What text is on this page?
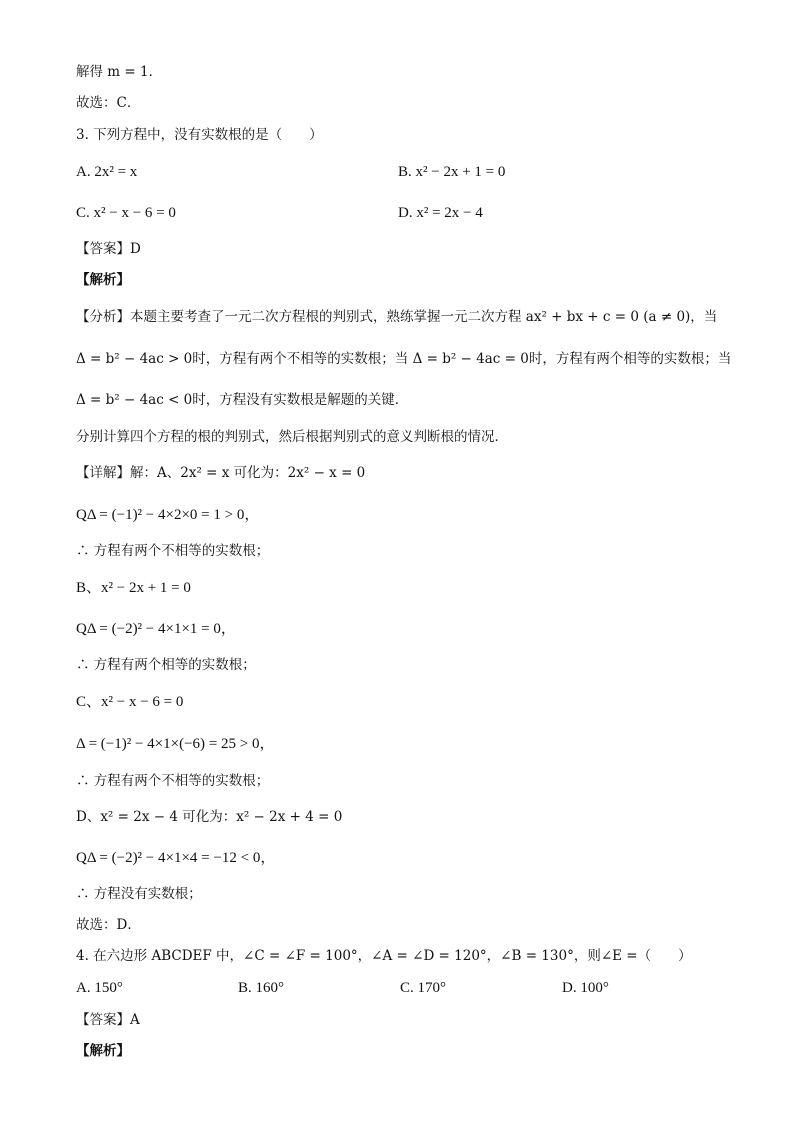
解得 m = 1．
故选：C．
3. 下列方程中，没有实数根的是（　　）
A. 2x² = x	B. x² − 2x + 1 = 0
C. x² − x − 6 = 0	D. x² = 2x − 4
【答案】D
【解析】
【分析】本题主要考查了一元二次方程根的判别式，熟练掌握一元二次方程 ax² + bx + c = 0 (a ≠ 0)，当
Δ = b² − 4ac > 0时，方程有两个不相等的实数根；当 Δ = b² − 4ac = 0时，方程有两个相等的实数根；当
Δ = b² − 4ac < 0时，方程没有实数根是解题的关键．
分别计算四个方程的根的判别式，然后根据判别式的意义判断根的情况．
【详解】解：A、2x² = x 可化为：2x² − x = 0
QΔ = (−1)² − 4×2×0 = 1 > 0，
∴ 方程有两个不相等的实数根；
B、x² − 2x + 1 = 0
QΔ = (−2)² − 4×1×1 = 0，
∴ 方程有两个相等的实数根；
C、x² − x − 6 = 0
Δ = (−1)² − 4×1×(−6) = 25 > 0，
∴ 方程有两个不相等的实数根；
D、x² = 2x − 4 可化为：x² − 2x + 4 = 0
QΔ = (−2)² − 4×1×4 = −12 < 0，
∴ 方程没有实数根；
故选：D．
4. 在六边形 ABCDEF 中，∠C = ∠F = 100°，∠A = ∠D = 120°，∠B = 130°，则∠E =（　　）
A. 150°	B. 160°	C. 170°	D. 100°
【答案】A
【解析】
